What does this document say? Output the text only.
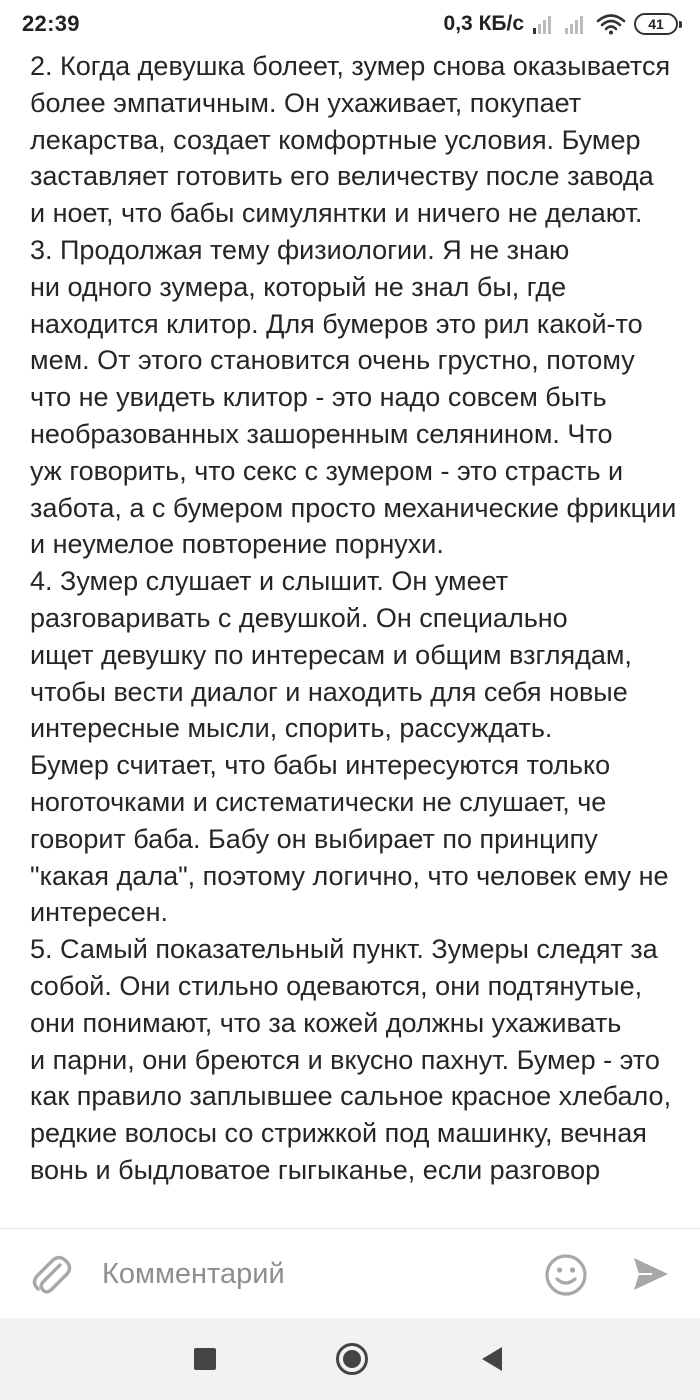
22:39	0,3 КБ/с	41

2. Когда девушка болеет, зумер снова оказывается

более эмпатичным. Он ухаживает, покупает

лекарства, создает комфортные условия. Бумер

заставляет готовить его величеству после завода

и ноет, что бабы симулянтки и ничего не делают.

3. Продолжая тему физиологии. Я не знаю

ни одного зумера, который не знал бы, где

находится клитор. Для бумеров это рил какой-то

мем. От этого становится очень грустно, потому

что не увидеть клитор - это надо совсем быть

необразованных зашоренным селянином. Что

уж говорить, что секс с зумером - это страсть и

забота, а с бумером просто механические фрикции

и неумелое повторение порнухи.

4. Зумер слушает и слышит. Он умеет

разговаривать с девушкой. Он специально

ищет девушку по интересам и общим взглядам,

чтобы вести диалог и находить для себя новые

интересные мысли, спорить, рассуждать.

Бумер считает, что бабы интересуются только

ноготочками и систематически не слушает, че

говорит баба. Бабу он выбирает по принципу

"какая дала", поэтому логично, что человек ему не

интересен.

5. Самый показательный пункт. Зумеры следят за

собой. Они стильно одеваются, они подтянутые,

они понимают, что за кожей должны ухаживать

и парни, они бреются и вкусно пахнут. Бумер - это

как правило заплывшее сальное красное хлебало,

редкие волосы со стрижкой под машинку, вечная

вонь и быдловатое гыгыканье, если разговор

Комментарий
